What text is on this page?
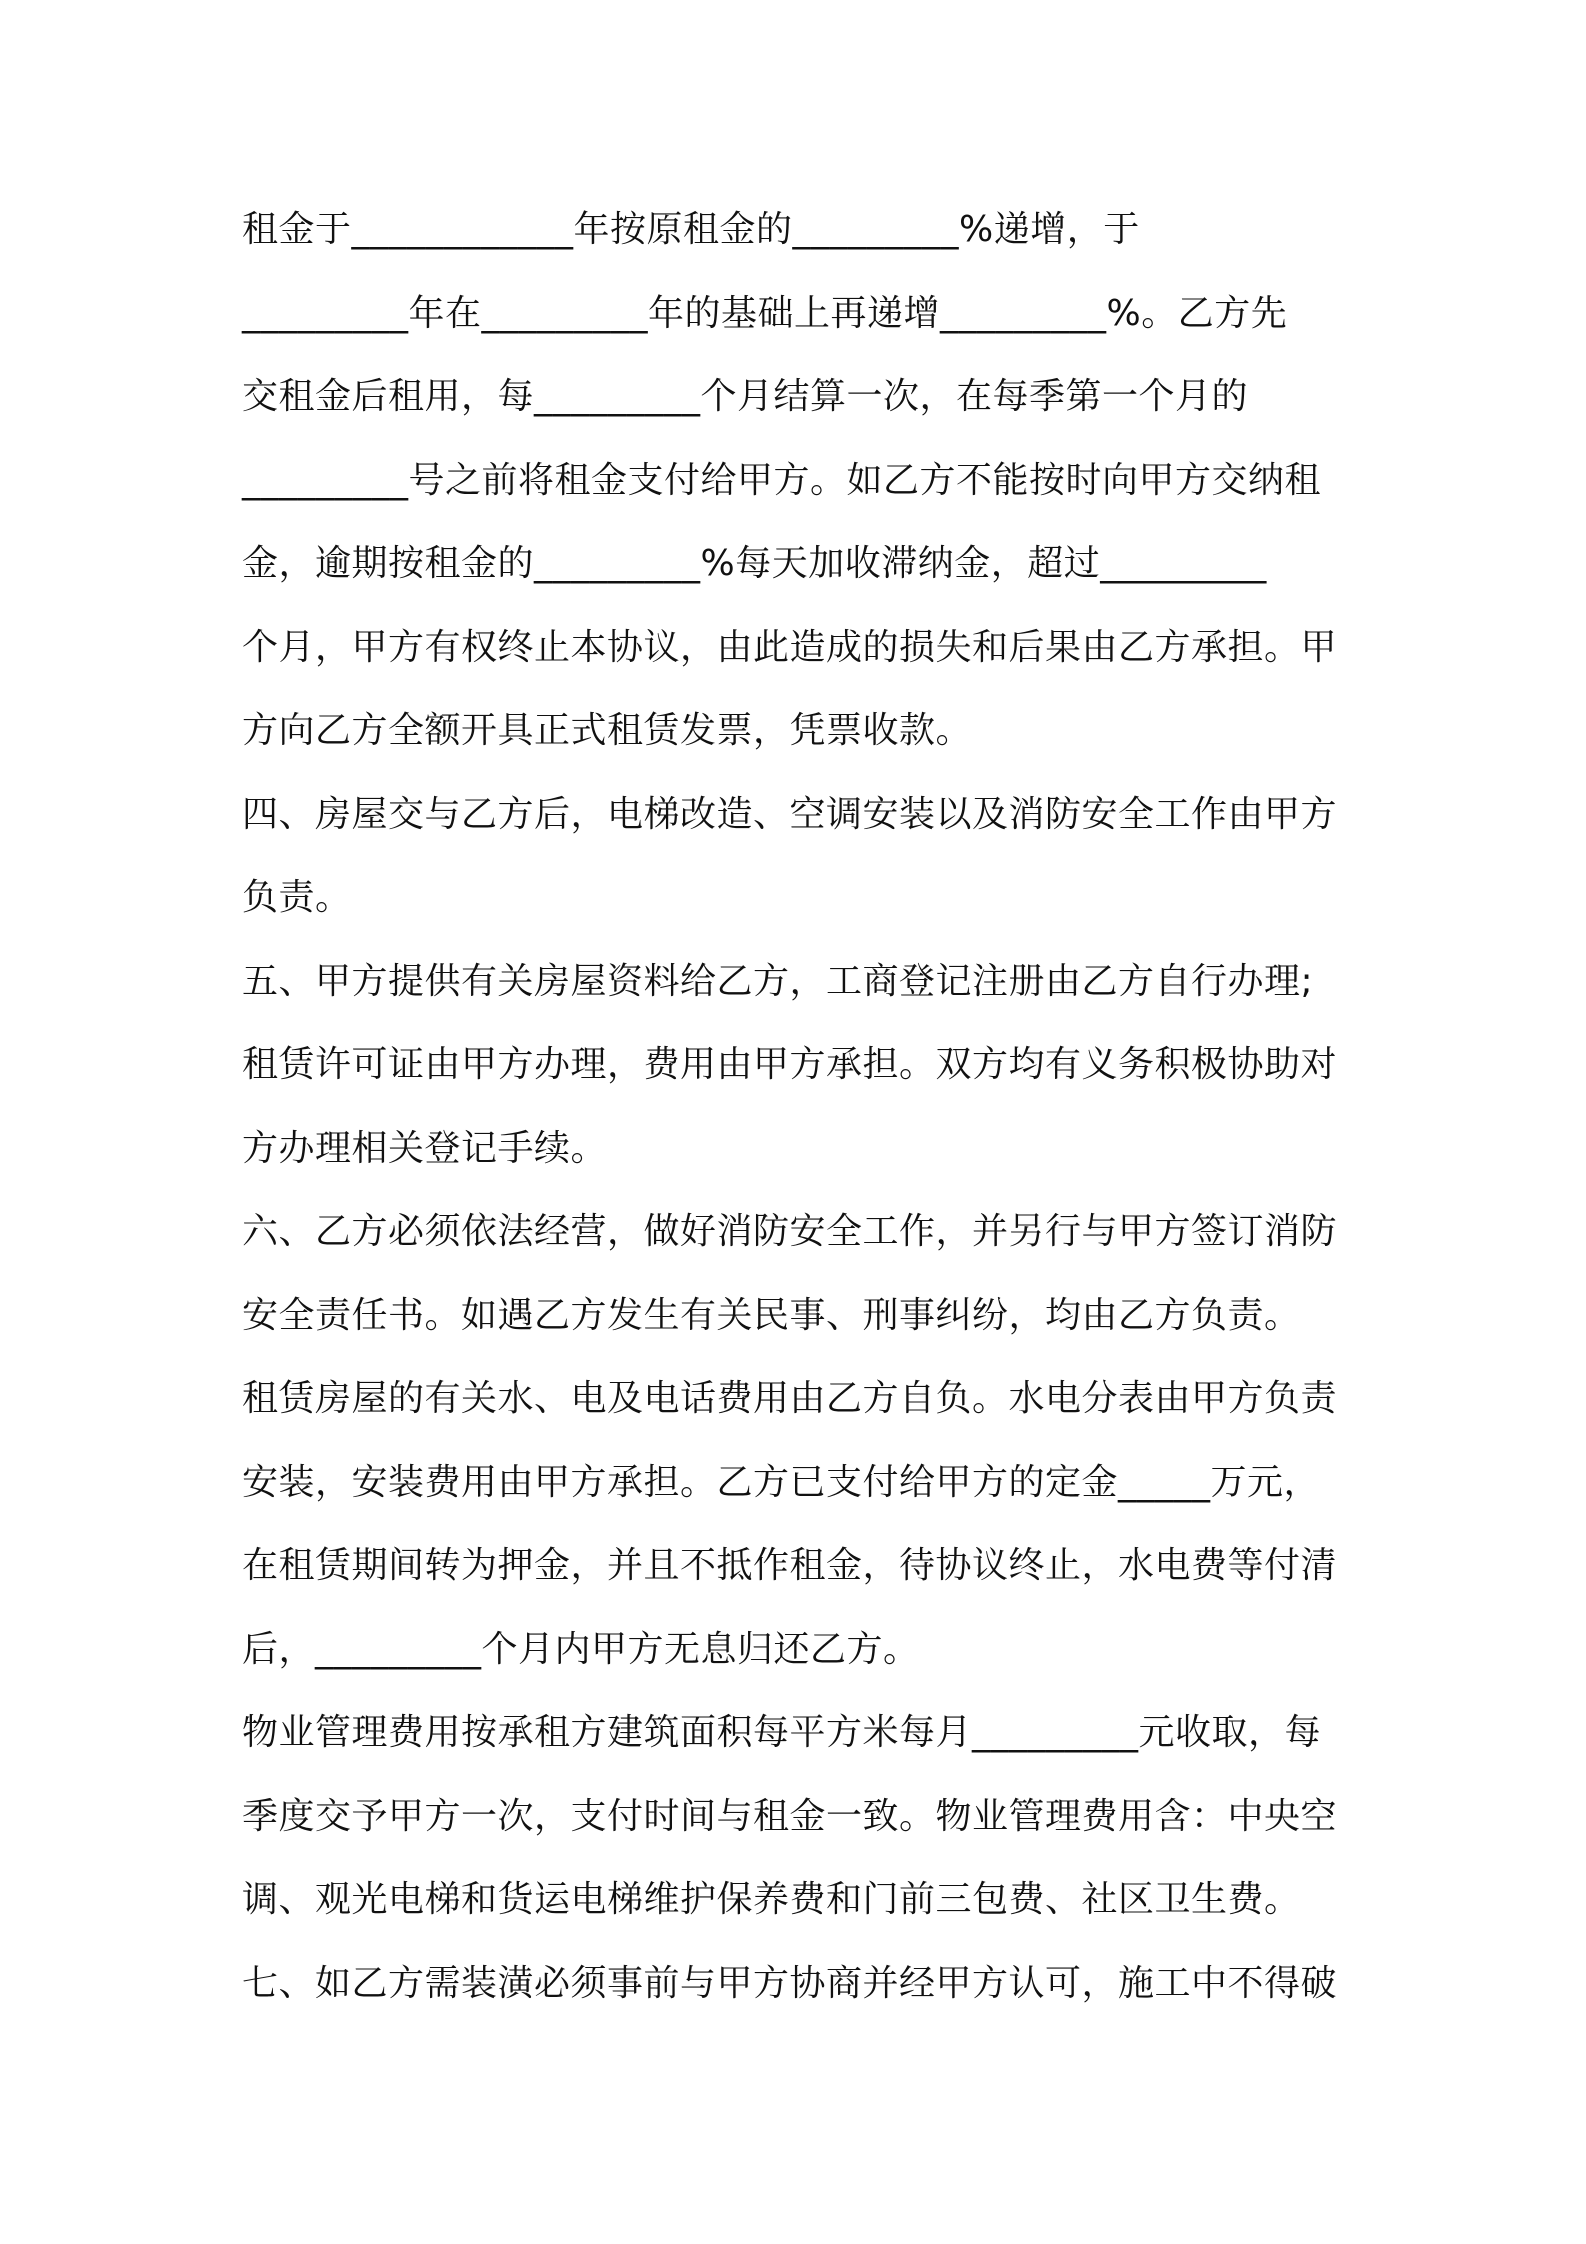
租金于____________年按原租金的_________%递增，于
_________年在_________年的基础上再递增_________%。乙方先
交租金后租用，每_________个月结算一次，在每季第一个月的
_________号之前将租金支付给甲方。如乙方不能按时向甲方交纳租
金，逾期按租金的_________%每天加收滞纳金，超过_________
个月，甲方有权终止本协议，由此造成的损失和后果由乙方承担。甲
方向乙方全额开具正式租赁发票，凭票收款。
四、房屋交与乙方后，电梯改造、空调安装以及消防安全工作由甲方
负责。
五、甲方提供有关房屋资料给乙方，工商登记注册由乙方自行办理;
租赁许可证由甲方办理，费用由甲方承担。双方均有义务积极协助对
方办理相关登记手续。
六、乙方必须依法经营，做好消防安全工作，并另行与甲方签订消防
安全责任书。如遇乙方发生有关民事、刑事纠纷，均由乙方负责。
租赁房屋的有关水、电及电话费用由乙方自负。水电分表由甲方负责
安装，安装费用由甲方承担。乙方已支付给甲方的定金_____万元，
在租赁期间转为押金，并且不抵作租金，待协议终止，水电费等付清
后，_________个月内甲方无息归还乙方。
物业管理费用按承租方建筑面积每平方米每月_________元收取，每
季度交予甲方一次，支付时间与租金一致。物业管理费用含：中央空
调、观光电梯和货运电梯维护保养费和门前三包费、社区卫生费。
七、如乙方需装潢必须事前与甲方协商并经甲方认可，施工中不得破
